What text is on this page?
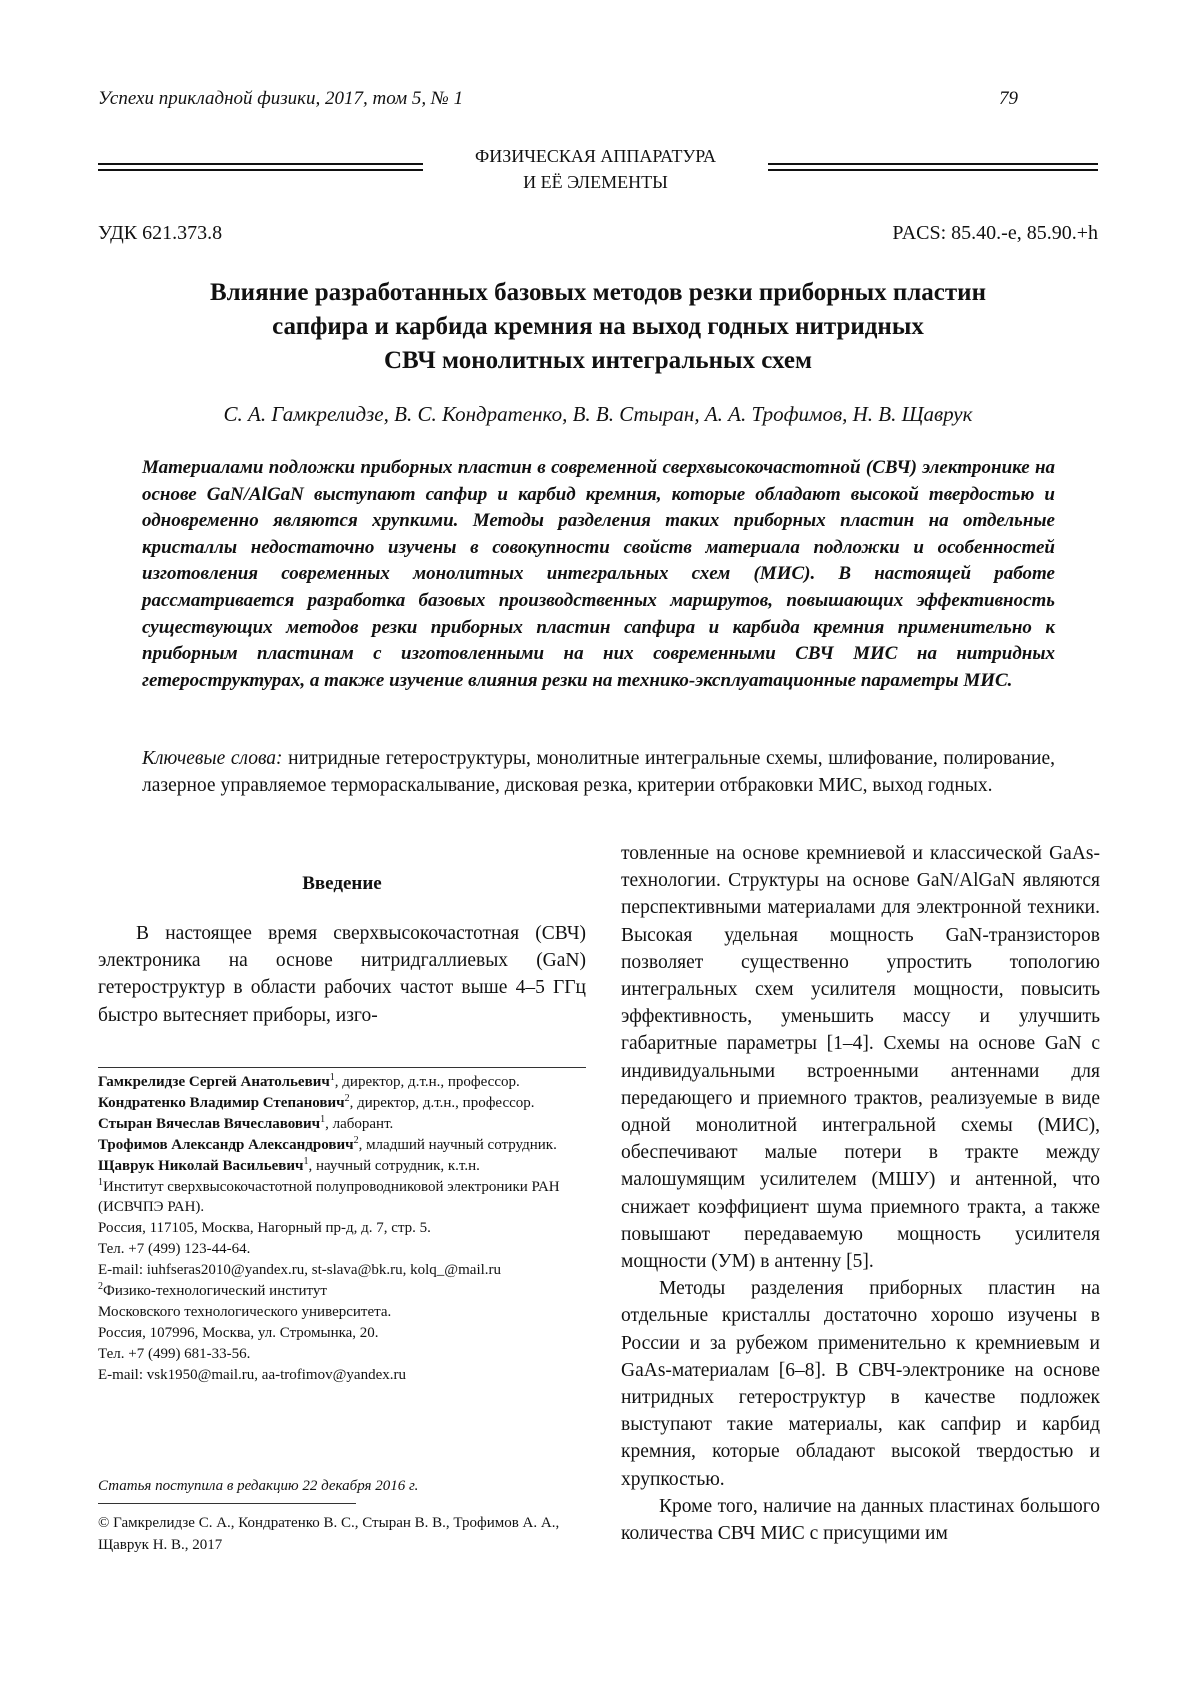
Успехи прикладной физики, 2017, том 5, № 1	79
ФИЗИЧЕСКАЯ АППАРАТУРА
И ЕЁ ЭЛЕМЕНТЫ
УДК 621.373.8	PACS: 85.40.-e, 85.90.+h
Влияние разработанных базовых методов резки приборных пластин
сапфира и карбида кремния на выход годных нитридных
СВЧ монолитных интегральных схем
С. А. Гамкрелидзе, В. С. Кондратенко, В. В. Стыран, А. А. Трофимов, Н. В. Щаврук
Материалами подложки приборных пластин в современной сверхвысокочастотной (СВЧ) электронике на основе GaN/AlGaN выступают сапфир и карбид кремния, которые обладают высокой твердостью и одновременно являются хрупкими. Методы разделения таких приборных пластин на отдельные кристаллы недостаточно изучены в совокупности свойств материала подложки и особенностей изготовления современных монолитных интегральных схем (МИС). В настоящей работе рассматривается разработка базовых производственных маршрутов, повышающих эффективность существующих методов резки приборных пластин сапфира и карбида кремния применительно к приборным пластинам с изготовленными на них современными СВЧ МИС на нитридных гетероструктурах, а также изучение влияния резки на технико-эксплуатационные параметры МИС.
Ключевые слова: нитридные гетероструктуры, монолитные интегральные схемы, шлифование, полирование, лазерное управляемое термораскалывание, дисковая резка, критерии отбраковки МИС, выход годных.
Введение
В настоящее время сверхвысокочастотная (СВЧ) электроника на основе нитридгаллиевых (GaN) гетероструктур в области рабочих частот выше 4–5 ГГц быстро вытесняет приборы, изго-
Гамкрелидзе Сергей Анатольевич$^1$, директор, д.т.н., профессор.
Кондратенко Владимир Степанович$^2$, директор, д.т.н., профессор.
Стыран Вячеслав Вячеславович$^1$, лаборант.
Трофимов Александр Александрович$^2$, младший научный сотрудник.
Щаврук Николай Васильевич$^1$, научный сотрудник, к.т.н.
$^1$Институт сверхвысокочастотной полупроводниковой электроники РАН (ИСВЧПЭ РАН).
Россия, 117105, Москва, Нагорный пр-д, д. 7, стр. 5.
Тел. +7 (499) 123-44-64.
E-mail: iuhfseras2010@yandex.ru, st-slava@bk.ru, kolq_@mail.ru
$^2$Физико-технологический институт
Московского технологического университета.
Россия, 107996, Москва, ул. Стромынка, 20.
Тел. +7 (499) 681-33-56.
E-mail: vsk1950@mail.ru, aa-trofimov@yandex.ru
Статья поступила в редакцию 22 декабря 2016 г.
© Гамкрелидзе С. А., Кондратенко В. С., Стыран В. В., Трофимов А. А., Щаврук Н. В., 2017

товленные на основе кремниевой и классической GaAs-технологии. Структуры на основе GaN/AlGaN являются перспективными материалами для электронной техники. Высокая удельная мощность GaN-транзисторов позволяет существенно упростить топологию интегральных схем усилителя мощности, повысить эффективность, уменьшить массу и улучшить габаритные параметры [1–4]. Схемы на основе GaN с индивидуальными встроенными антеннами для передающего и приемного трактов, реализуемые в виде одной монолитной интегральной схемы (МИС), обеспечивают малые потери в тракте между малошумящим усилителем (МШУ) и антенной, что снижает коэффициент шума приемного тракта, а также повышают передаваемую мощность усилителя мощности (УМ) в антенну [5].

Методы разделения приборных пластин на отдельные кристаллы достаточно хорошо изучены в России и за рубежом применительно к кремниевым и GaAs-материалам [6–8]. В СВЧ-электронике на основе нитридных гетероструктур в качестве подложек выступают такие материалы, как сапфир и карбид кремния, которые обладают высокой твердостью и хрупкостью.

Кроме того, наличие на данных пластинах большого количества СВЧ МИС с присущими им
